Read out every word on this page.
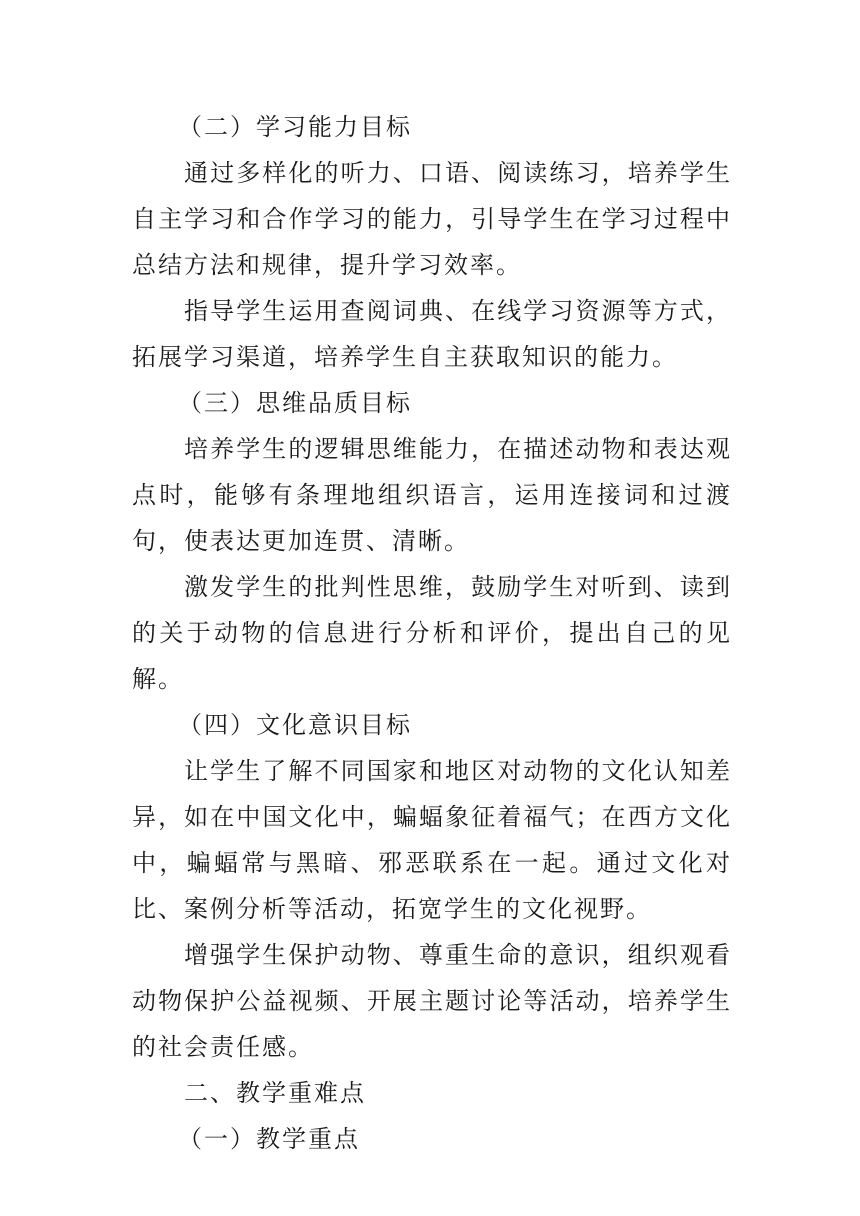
（二）学习能力目标

通过多样化的听力、口语、阅读练习，培养学生自主学习和合作学习的能力，引导学生在学习过程中总结方法和规律，提升学习效率。

指导学生运用查阅词典、在线学习资源等方式，拓展学习渠道，培养学生自主获取知识的能力。

（三）思维品质目标

培养学生的逻辑思维能力，在描述动物和表达观点时，能够有条理地组织语言，运用连接词和过渡句，使表达更加连贯、清晰。

激发学生的批判性思维，鼓励学生对听到、读到的关于动物的信息进行分析和评价，提出自己的见解。

（四）文化意识目标

让学生了解不同国家和地区对动物的文化认知差异，如在中国文化中，蝙蝠象征着福气；在西方文化中，蝙蝠常与黑暗、邪恶联系在一起。通过文化对比、案例分析等活动，拓宽学生的文化视野。

增强学生保护动物、尊重生命的意识，组织观看动物保护公益视频、开展主题讨论等活动，培养学生的社会责任感。

二、教学重难点

（一）教学重点
